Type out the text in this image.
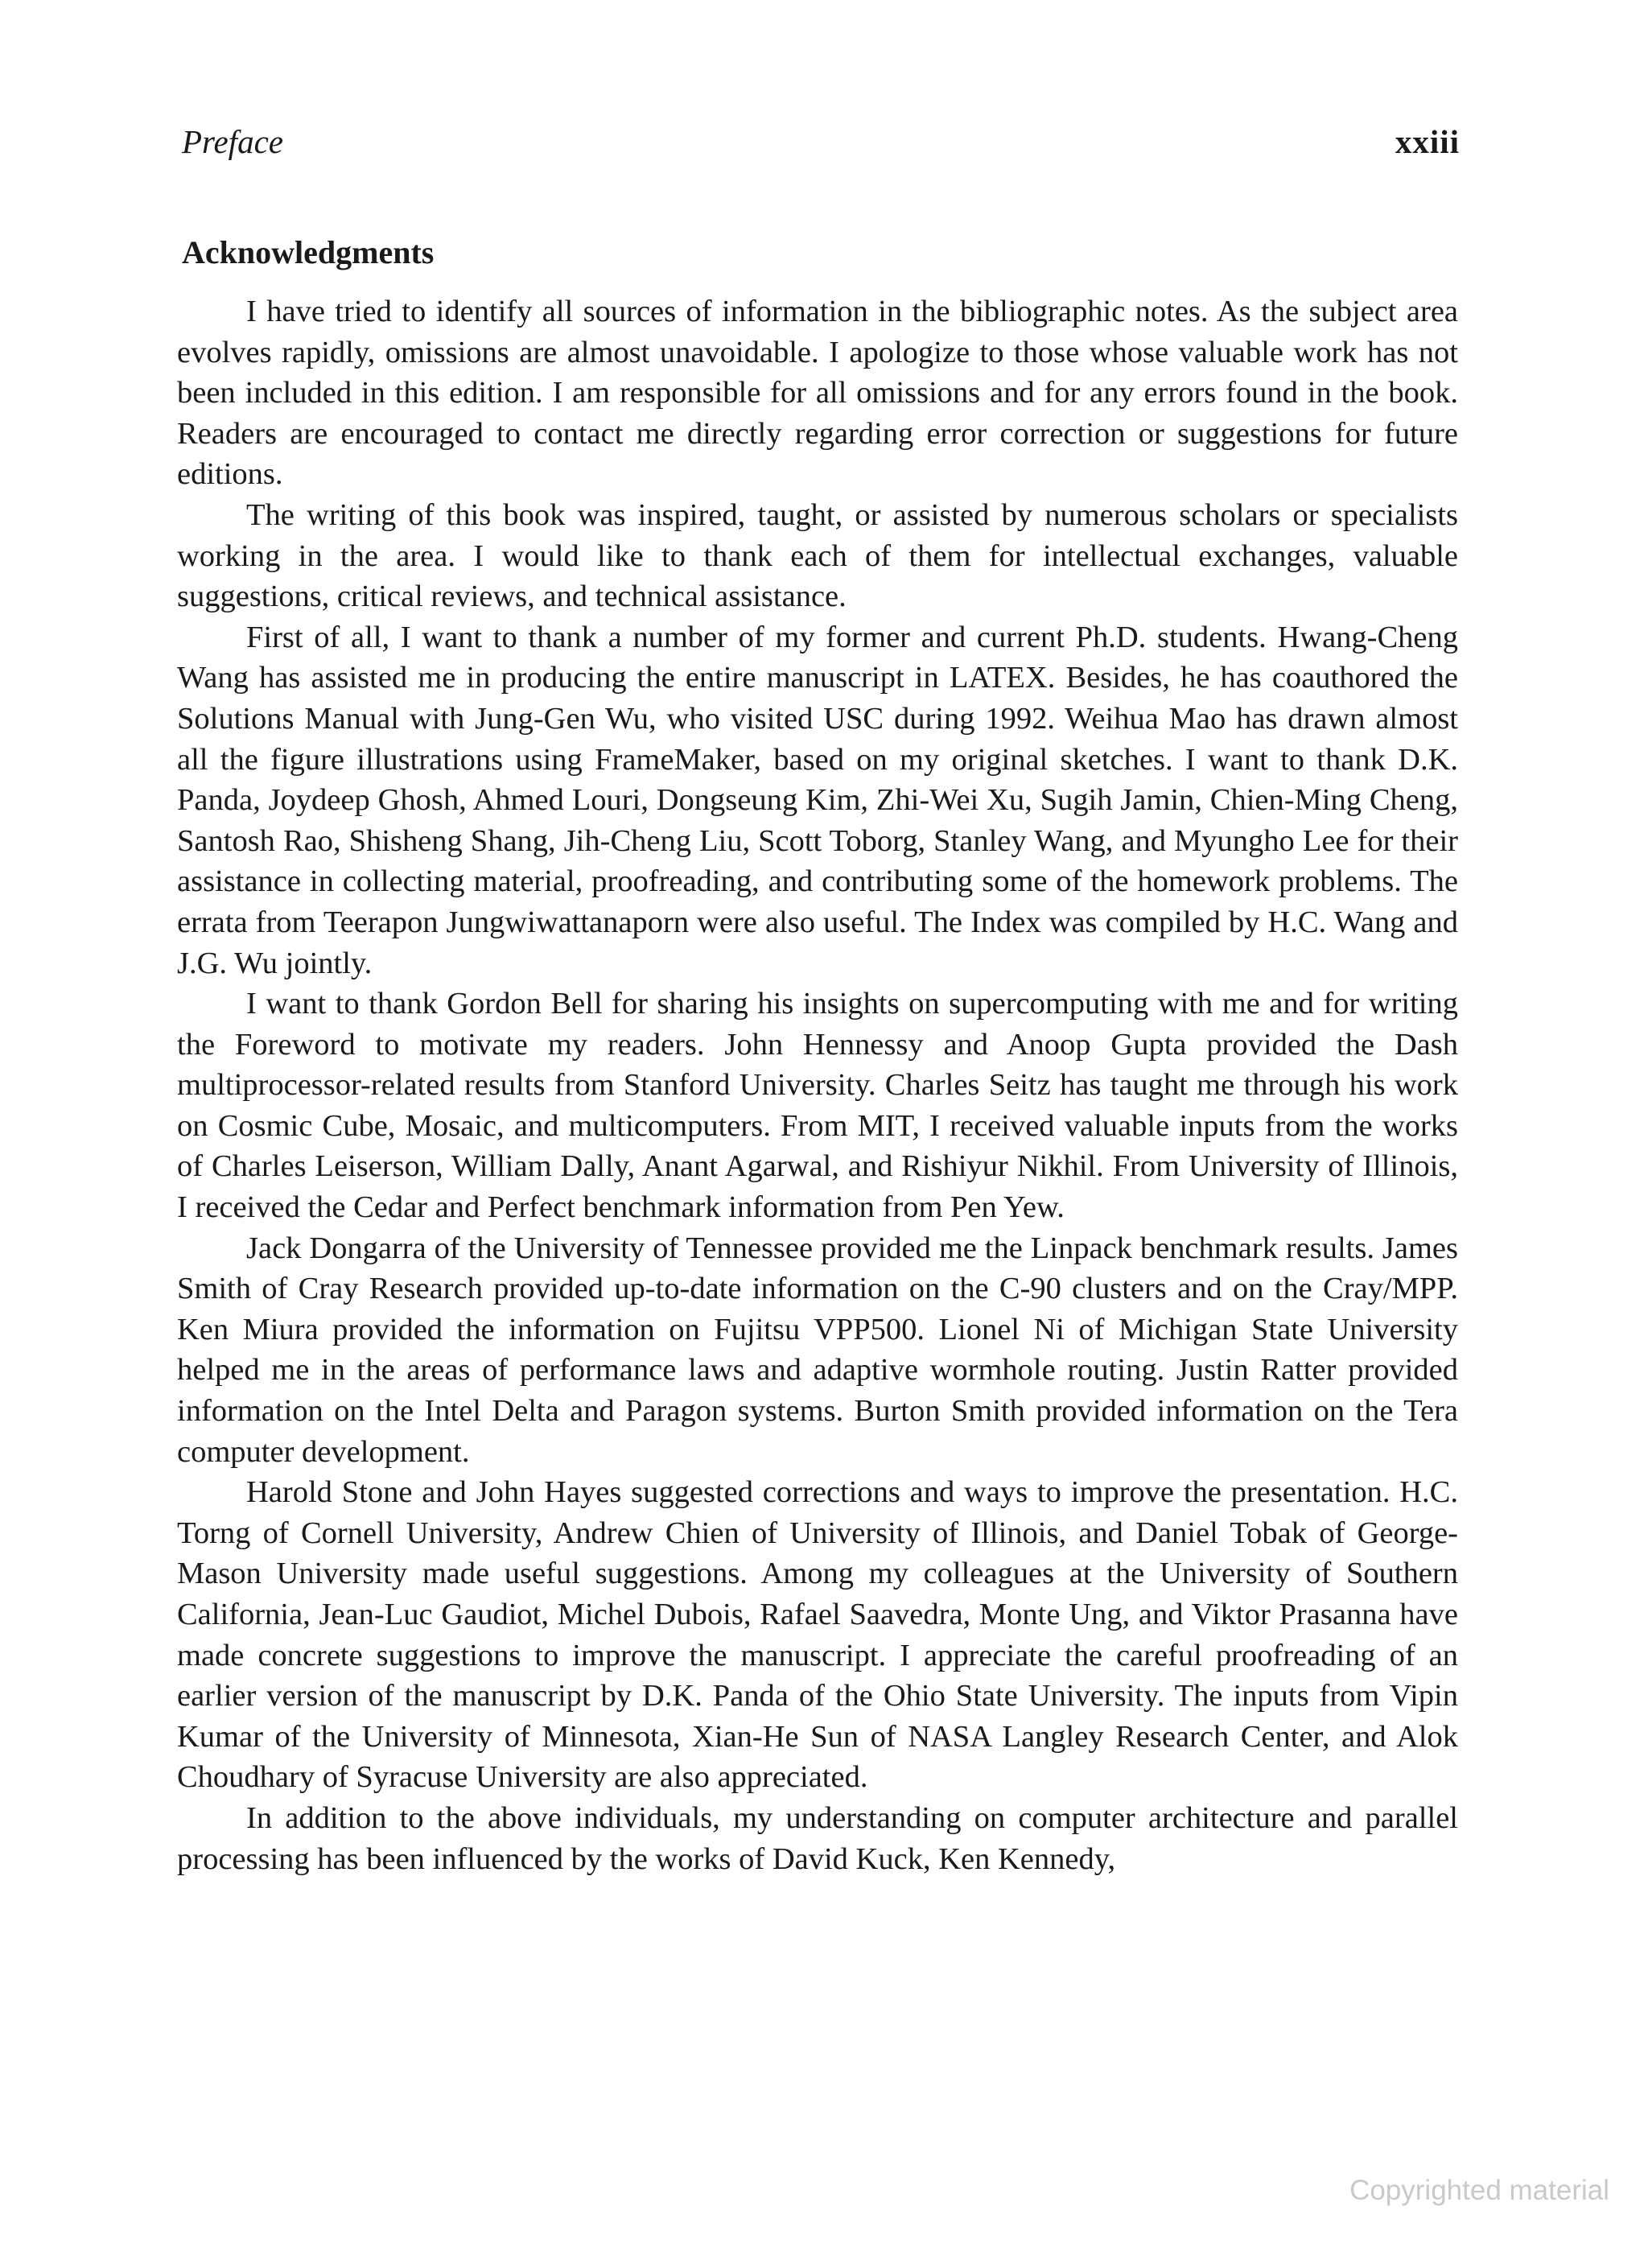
Preface	xxiii
Acknowledgments

I have tried to identify all sources of information in the bibliographic notes. As the subject area evolves rapidly, omissions are almost unavoidable. I apologize to those whose valuable work has not been included in this edition. I am responsible for all omissions and for any errors found in the book. Readers are encouraged to contact me directly regarding error correction or suggestions for future editions.

The writing of this book was inspired, taught, or assisted by numerous scholars or specialists working in the area. I would like to thank each of them for intellectual exchanges, valuable suggestions, critical reviews, and technical assistance.

First of all, I want to thank a number of my former and current Ph.D. students. Hwang-Cheng Wang has assisted me in producing the entire manuscript in LATEX. Besides, he has coauthored the Solutions Manual with Jung-Gen Wu, who visited USC during 1992. Weihua Mao has drawn almost all the figure illustrations using FrameMaker, based on my original sketches. I want to thank D.K. Panda, Joydeep Ghosh, Ahmed Louri, Dongseung Kim, Zhi-Wei Xu, Sugih Jamin, Chien-Ming Cheng, Santosh Rao, Shisheng Shang, Jih-Cheng Liu, Scott Toborg, Stanley Wang, and Myungho Lee for their assistance in collecting material, proofreading, and contributing some of the homework problems. The errata from Teerapon Jungwiwattanaporn were also useful. The Index was compiled by H.C. Wang and J.G. Wu jointly.

I want to thank Gordon Bell for sharing his insights on supercomputing with me and for writing the Foreword to motivate my readers. John Hennessy and Anoop Gupta provided the Dash multiprocessor-related results from Stanford University. Charles Seitz has taught me through his work on Cosmic Cube, Mosaic, and multicomputers. From MIT, I received valuable inputs from the works of Charles Leiserson, William Dally, Anant Agarwal, and Rishiyur Nikhil. From University of Illinois, I received the Cedar and Perfect benchmark information from Pen Yew.

Jack Dongarra of the University of Tennessee provided me the Linpack benchmark results. James Smith of Cray Research provided up-to-date information on the C-90 clusters and on the Cray/MPP. Ken Miura provided the information on Fujitsu VPP500. Lionel Ni of Michigan State University helped me in the areas of performance laws and adaptive wormhole routing. Justin Ratter provided information on the Intel Delta and Paragon systems. Burton Smith provided information on the Tera computer development.

Harold Stone and John Hayes suggested corrections and ways to improve the presentation. H.C. Torng of Cornell University, Andrew Chien of University of Illinois, and Daniel Tobak of George-Mason University made useful suggestions. Among my colleagues at the University of Southern California, Jean-Luc Gaudiot, Michel Dubois, Rafael Saavedra, Monte Ung, and Viktor Prasanna have made concrete suggestions to improve the manuscript. I appreciate the careful proofreading of an earlier version of the manuscript by D.K. Panda of the Ohio State University. The inputs from Vipin Kumar of the University of Minnesota, Xian-He Sun of NASA Langley Research Center, and Alok Choudhary of Syracuse University are also appreciated.

In addition to the above individuals, my understanding on computer architecture and parallel processing has been influenced by the works of David Kuck, Ken Kennedy,

Copyrighted material
